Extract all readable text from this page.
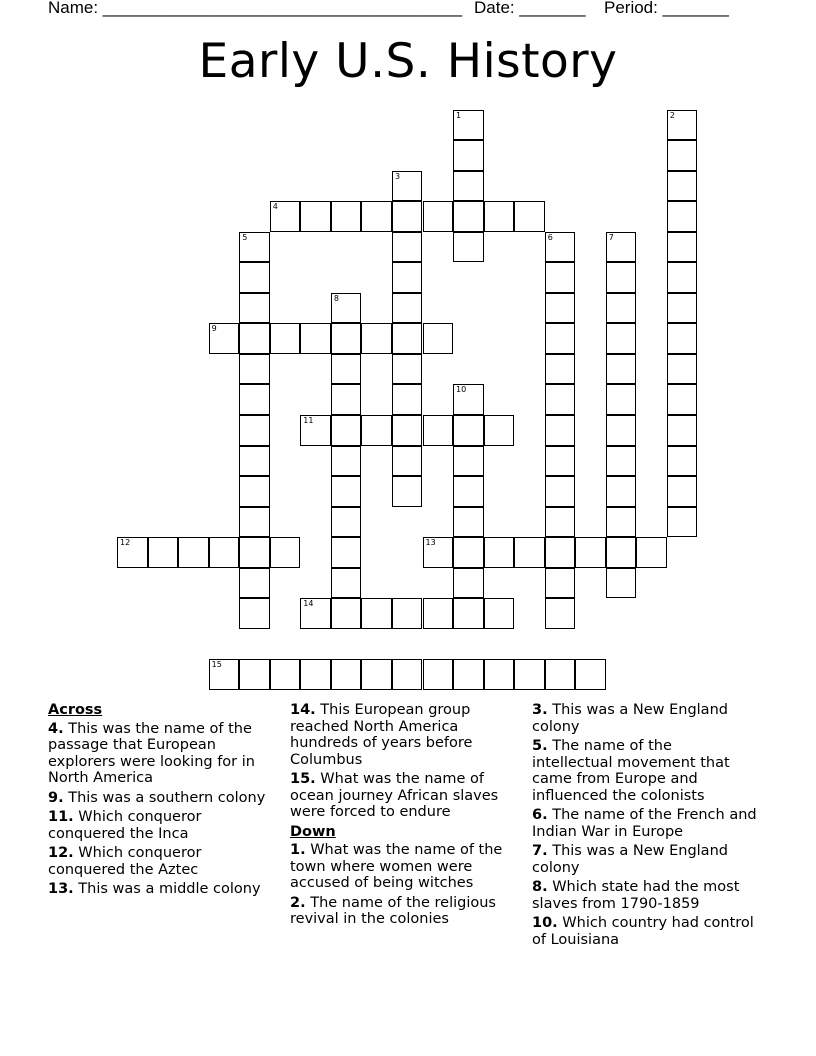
Name: ______________________________________ Date: _______ Period: _______
Early U.S. History
1	2
3
4
5	6	7
8
9
10
11
12	13
14
15
Across
4. This was the name of the passage that European explorers were looking for in North America
9. This was a southern colony
11. Which conqueror conquered the Inca
12. Which conqueror conquered the Aztec
13. This was a middle colony
14. This European group reached North America hundreds of years before Columbus
15. What was the name of ocean journey African slaves were forced to endure
Down
1. What was the name of the town where women were accused of being witches
2. The name of the religious revival in the colonies
3. This was a New England colony
5. The name of the intellectual movement that came from Europe and influenced the colonists
6. The name of the French and Indian War in Europe
7. This was a New England colony
8. Which state had the most slaves from 1790-1859
10. Which country had control of Louisiana
